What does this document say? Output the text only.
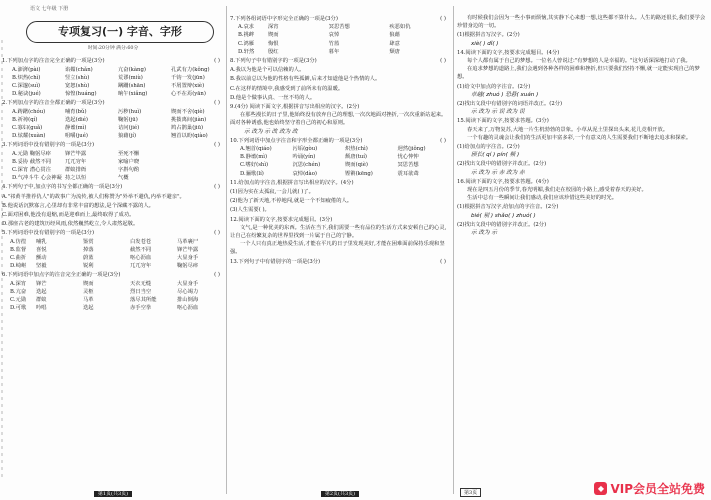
语文 七年级 下册
专项复习(一) 字音、字形
时间:20分钟 满分:60分
1.下列加点字的注音完全正确的一项是(3分)	( )
A.澎湃(pài)	谄媚(chǎn)	亢奋(kàng)	孔武有力(kǒng)
B.炽热(chì)	竖立(shù)	荒谬(miù)	千钧一发(jūn)
C.深邃(suì)	宽恕(shù)	蹒跚(shān)	不屑置辩(xiè)
D.秘诀(jué)	惊惶(huáng)	晌午(xiǎng)	心不在焉(yān)
2.下列加点字的注音全都正确的一项是(3分)	( )
A.踌躇(chóu)	哺育(bǔ)	污秽(huì)	锲而不舍(qiè)
B.祈祷(qí)	迭起(dié)	鞠躬(jū)	挑拨离间(jiàn)
C.寡妇(guǎ)	静谧(mì)	诘问(jié)	鸠占鹊巢(jiū)
D.炫耀(xuàn)	咀嚼(jué)	狼藉(jí)	翘首以盼(qiào)
3.下列词语中没有错别字的一项是(3分)	( )
A.元勋 鞠躬尽瘁	锋芒毕露	至死不懈
B.妥协 截然不同	兀兀穷年	家喻户晓
C.深宵 潜心贯注	群蚁排衙	字斟句酌
D.气冲斗牛 心会神凝 持之以恒	气概
4.下列句子中,加点字的书写全都正确的一项是(3分)	( )
A."祁黄羊推荐仇人"的故事广为流传,被人们称赞为"外举不避仇,内举不避亲"。
B.他说话沉默寡言,心里却有非常丰富的想法,是个深藏不露的人。
C.面对困难,他没有退缩,而是迎难而上,最终取得了成功。
D.那座古老的建筑历经风雨,依然巍然屹立,令人肃然起敬。
5.下列词语中没有错别字的一项是(3分)	( )
A.彷徨	哺乳	鉴赏	白发苍苍	马革裹尸
B.监督	喜悦	掉落	截然不同	锋芒毕露
C.曲折	颤动	蔚蓝	呕心沥血	大显身手
D.崎岖	坚毅	锐利	兀兀穷年	鞠躬尽瘁
6.下列词语中加点字的注音完全正确的一项是(3分)	( )
A.深宵	锋芒	锲而	天衣无缝	大显身手
B.亢奋	迭起	灵柩	烈日当空	尽心竭力
C.元勋	群蚁	马革	落尽其所能	排山倒海
D.可歌	吟唱	迭起	赤手空拳	呕心沥血
7.下列各组词语中字形完全正确的一项是(3分)	( )
A.哀求	深宵	冥思苦想	疾恶如仇
B.挑衅	锲而	哀悼	狼藉
C.鸿雁	悔恨	竹篮	肆意
D.轩然	殷红	暮年	颓唐
8.下列句子中有错别字的一项是(3分)	( )
A.我以为他是个可以信赖的人。
B.我以前总以为他的性格有些孤僻,后来才知道他是个热情的人。
C.在这样的情境中,我感受到了前所未有的温暖。
D.他是个做事认真、一丝不苟的人。
9.(4分) 阅读下面文字,根据拼音写出相应的汉字。(2分)
在那些漫长的日子里,他始终没有放弃自己的理想,一次次地面对挫折,一次次重新站起来。面对各种诱惑,他也始终坚守着自己的初心和原则。
示 改为 示 改 改为 改
10.下列词语中加点字注音和字形全都正确的一项是(3分)	( )
A.翘首(qiáo)	污垢(gòu)	炽热(chì)	迥然(jiǒng)
B.静谧(mì)	吟诵(yín)	颓唐(tuí)	忧心忡忡
C.嗜好(shì)	沉思(chén)	锲而(qiè)	冥思苦想
D.骊歌(lí)	哀悼(dào)	铿锵(kēng)	震耳欲聋
11.给加点的字注音,根据拼音写出相应的汉字。(4分)
(1)因为实在太孤寂,一会儿就( )了。
(2)他为了新天地,不停地闯,就是一个不知疲倦的人。
(3)人生需要( )。
12.阅读下面的文字,按要求完成题目。(3分)
文气,是一种优美的东西。生活在当下,我们需要一些有品位的生活方式来安顿自己的心灵,让自己在纷繁复杂的世界里找到一片属于自己的宁静。
一个人只有真正地热爱生活,才能在平凡的日子里发现美好,才能在困难面前保持乐观和坚强。
13.下列句子中有错别字的一项是(3分)	( )
有时候我们会因为一些小事而烦恼,其实静下心来想一想,这些都不算什么。人生的路还很长,我们要学会珍惜身边的一切。
(1)根据拼音写汉字。(2分)
xiè( ) dǐ( )
14.阅读下面的文字,按要求完成题目。(4分)
每个人都有属于自己的梦想。一位名人曾说过:"有梦想的人是幸福的。"这句话深深地打动了我。
在追求梦想的道路上,我们会遇到各种各样的困难和挫折,但只要我们坚持不懈,就一定能实现自己的梦想。
(1)给文中加点的字注音。(2分)
卓越( zhuó ) 恐悬( xuán )
(2)找出文段中有错别字的词语并改正。(2分)
示 改为 示 误 改为 误
15.阅读下面的文字,按要求答题。(3分)
春天来了,万物复苏,大地一片生机勃勃的景象。小草从泥土里探出头来,花儿竞相开放。
一个有趣的灵魂会让我们的生活更加丰富多彩,一个有意义的人生需要我们不断地去追求和探索。
(1)给加点的字注音。(2分)
颀长( qí ) pín( 频 )
(2)找出文段中的错别字并改正。(2分)
示 改为 示 赤 改为 赤
16.阅读下面的文字,按要求答题。(4分)
现在是四五月份的季节,春光明媚,我们走在校园的小路上,感受着春天的美好。
生活中总有一些瞬间让我们感动,我们应该珍惜这些美好的时光。
(1)根据拼音写汉字,给加点的字注音。(2分)
bié( 别 ) shǎo( ) zhuó( )
(2)找出文段中的错别字并改正。(2分)
示 改为 示
第1页(共3页)	第2页(共3页)	第3页	◆ VIP会员全站免费
